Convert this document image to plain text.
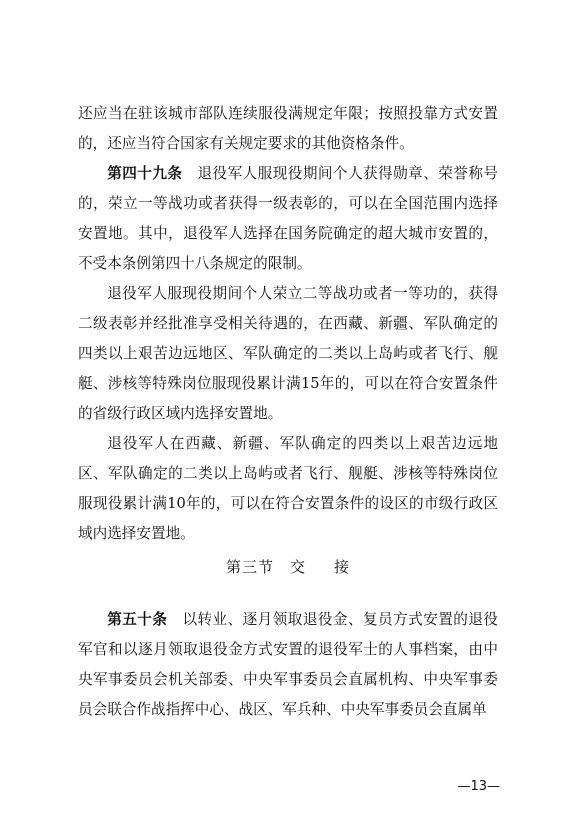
还应当在驻该城市部队连续服役满规定年限；按照投靠方式安置的，还应当符合国家有关规定要求的其他资格条件。

第四十九条  退役军人服现役期间个人获得勋章、荣誉称号的，荣立一等战功或者获得一级表彰的，可以在全国范围内选择安置地。其中，退役军人选择在国务院确定的超大城市安置的，不受本条例第四十八条规定的限制。

退役军人服现役期间个人荣立二等战功或者一等功的，获得二级表彰并经批准享受相关待遇的，在西藏、新疆、军队确定的四类以上艰苦边远地区、军队确定的二类以上岛屿或者飞行、舰艇、涉核等特殊岗位服现役累计满15年的，可以在符合安置条件的省级行政区域内选择安置地。

退役军人在西藏、新疆、军队确定的四类以上艰苦边远地区、军队确定的二类以上岛屿或者飞行、舰艇、涉核等特殊岗位服现役累计满10年的，可以在符合安置条件的设区的市级行政区域内选择安置地。

第三节 交 接

第五十条  以转业、逐月领取退役金、复员方式安置的退役军官和以逐月领取退役金方式安置的退役军士的人事档案，由中央军事委员会机关部委、中央军事委员会直属机构、中央军事委员会联合作战指挥中心、战区、军兵种、中央军事委员会直属单

—13—
